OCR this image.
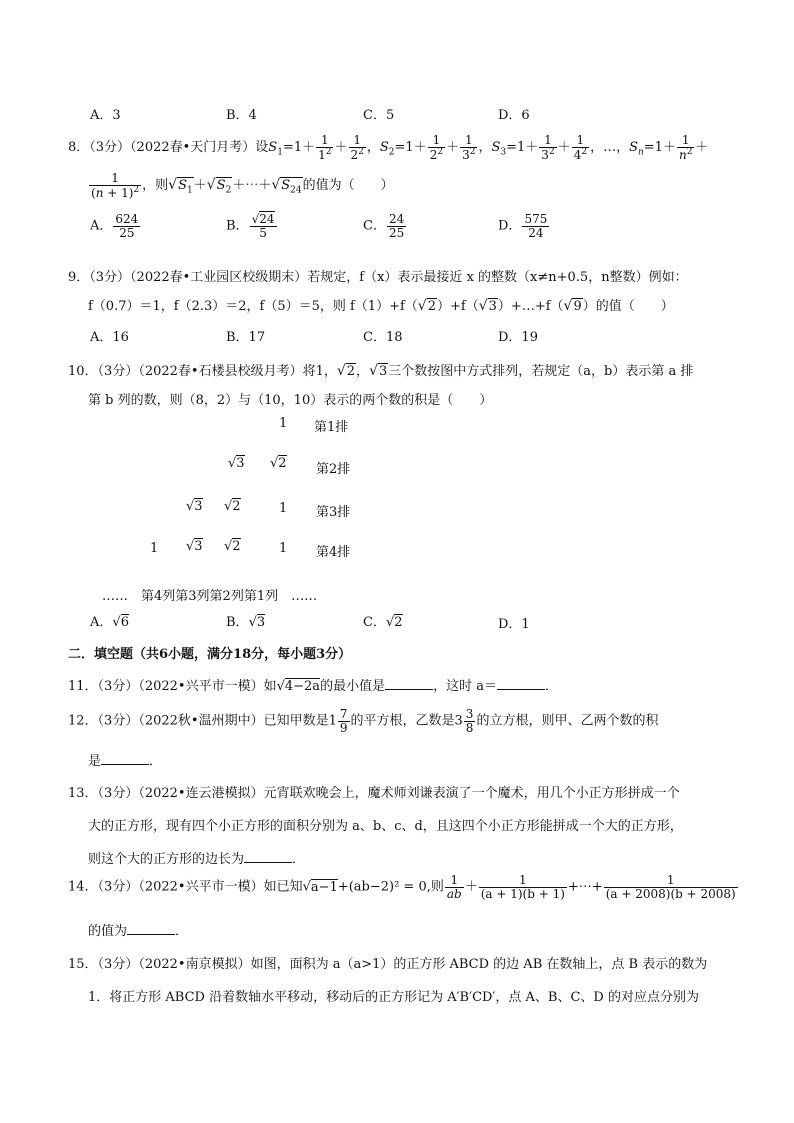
A．3	B．4	C．5	D．6
8．（3分）（2022春•天门月考）设$S_1=1+ \frac{1}{1^2} + \frac{1}{2^2}$ ，$S_2=1+ \frac{1}{2^2} + \frac{1}{3^2}$ ，$S_3=1+ \frac{1}{3^2} + \frac{1}{4^2}$ ，…，$S_n=1+ \frac{1}{n^2}$ ＋
$\frac{1}{(n + 1)^2}$ ，则$√S_1+√S_2+\cdots+√S_{24}$的值为（　　）
A． $\frac{624}{25}$	B． $\frac{√24}{5}$	C． $\frac{24}{25}$	D． $\frac{575}{24}$
9．（3分）（2022春•工业园区校级期末）若规定，f（x）表示最接近 x 的整数（x≠n+0.5，n整数）例如：
f（0.7）＝1，f（2.3）＝2，f（5）＝5，则 f（1）+f（√2）+f（√3）+…+f（√9）的值（　　）
A．16	B．17	C．18	D．19
10．（3分）（2022春•石楼县校级月考）将1，√2，√3三个数按图中方式排列，若规定（a，b）表示第 a 排
第 b 列的数，则（8，2）与（10，10）表示的两个数的积是（　　）
1 第1排
√3 √2 第2排
√3 √2	1 第3排
1 √3 √2	1 第4排
……　第4列第3列第2列第1列　……
A．√6	B．√3	C．√2	D．1
二．填空题（共6小题，满分18分，每小题3分）
11．（3分）（2022•兴平市一模）如√4−2a的最小值是	，这时 a＝	．
12．（3分）（2022秋•温州期中）已知甲数是$1 \frac{7}{9}$ 的平方根，乙数是$3 \frac{3}{8}$ 的立方根，则甲、乙两个数的积
是	．
13．（3分）（2022•连云港模拟）元宵联欢晚会上，魔术师刘谦表演了一个魔术，用几个小正方形拼成一个
大的正方形，现有四个小正方形的面积分别为 a、b、c、d，且这四个小正方形能拼成一个大的正方形，
则这个大的正方形的边长为	．
14．（3分）（2022•兴平市一模）如已知√a−1+(ab−2)² = 0,则 $\frac{1}{ab} + \frac{1}{(a + 1)(b + 1)}$ +⋯+ $\frac{1}{(a + 2008)(b + 2008)}$
的值为	．
15．（3分）（2022•南京模拟）如图，面积为 a（a>1）的正方形 ABCD 的边 AB 在数轴上，点 B 表示的数为
1．将正方形 ABCD 沿着数轴水平移动，移动后的正方形记为 A′B′CD′，点 A、B、C、D 的对应点分别为
